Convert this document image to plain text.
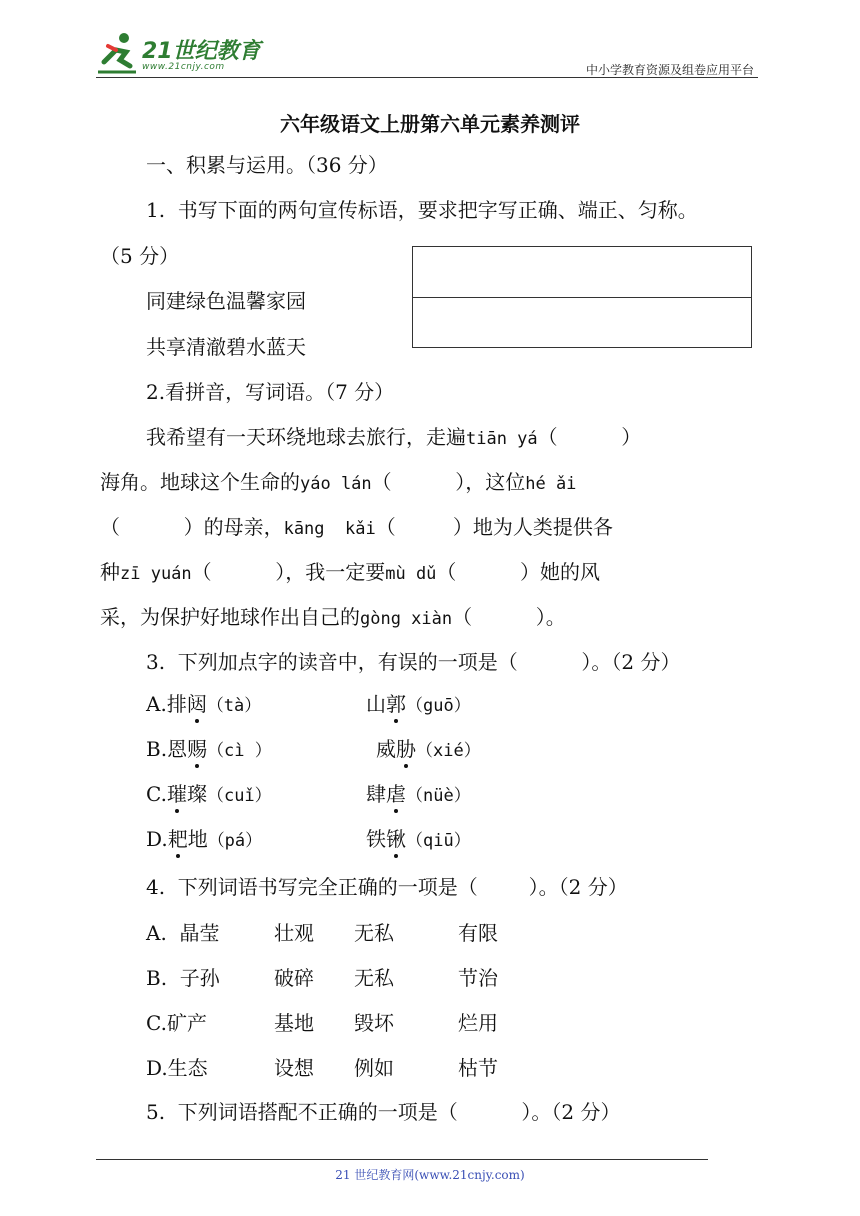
21世纪教育
www.21cnjy.com	中小学教育资源及组卷应用平台
六年级语文上册第六单元素养测评
一、积累与运用。（36 分）
1.  书写下面的两句宣传标语，要求把字写正确、端正、匀称。
（5 分）
同建绿色温馨家园
共享清澈碧水蓝天
2.看拼音，写词语。（7 分）
我希望有一天环绕地球去旅行，走遍tiān yá（          ）
海角。地球这个生命的yáo lán（          ），这位hé ǎi
（          ）的母亲，kāng  kǎi（         ）地为人类提供各
种zī yuán（          ），我一定要mù dǔ（          ）她的风
采，为保护好地球作出自己的gòng xiàn（          ）。
3.  下列加点字的读音中，有误的一项是（          ）。（2 分）
A.排闼（tà）	山郭（guō）
B.恩赐（cì ）	威胁（xié）
C.璀璨（cuǐ）	肆虐（nüè）
D.耙地（pá）	铁锹（qiū）
4.  下列词语书写完全正确的一项是（        ）。（2 分）
A.  晶莹	壮观 无私	有限
B.  子孙	破碎 无私	节治
C.矿产	基地 毁坏	烂用
D.生态	设想 例如	枯节
5.  下列词语搭配不正确的一项是（          ）。（2 分）
21 世纪教育网(www.21cnjy.com)
